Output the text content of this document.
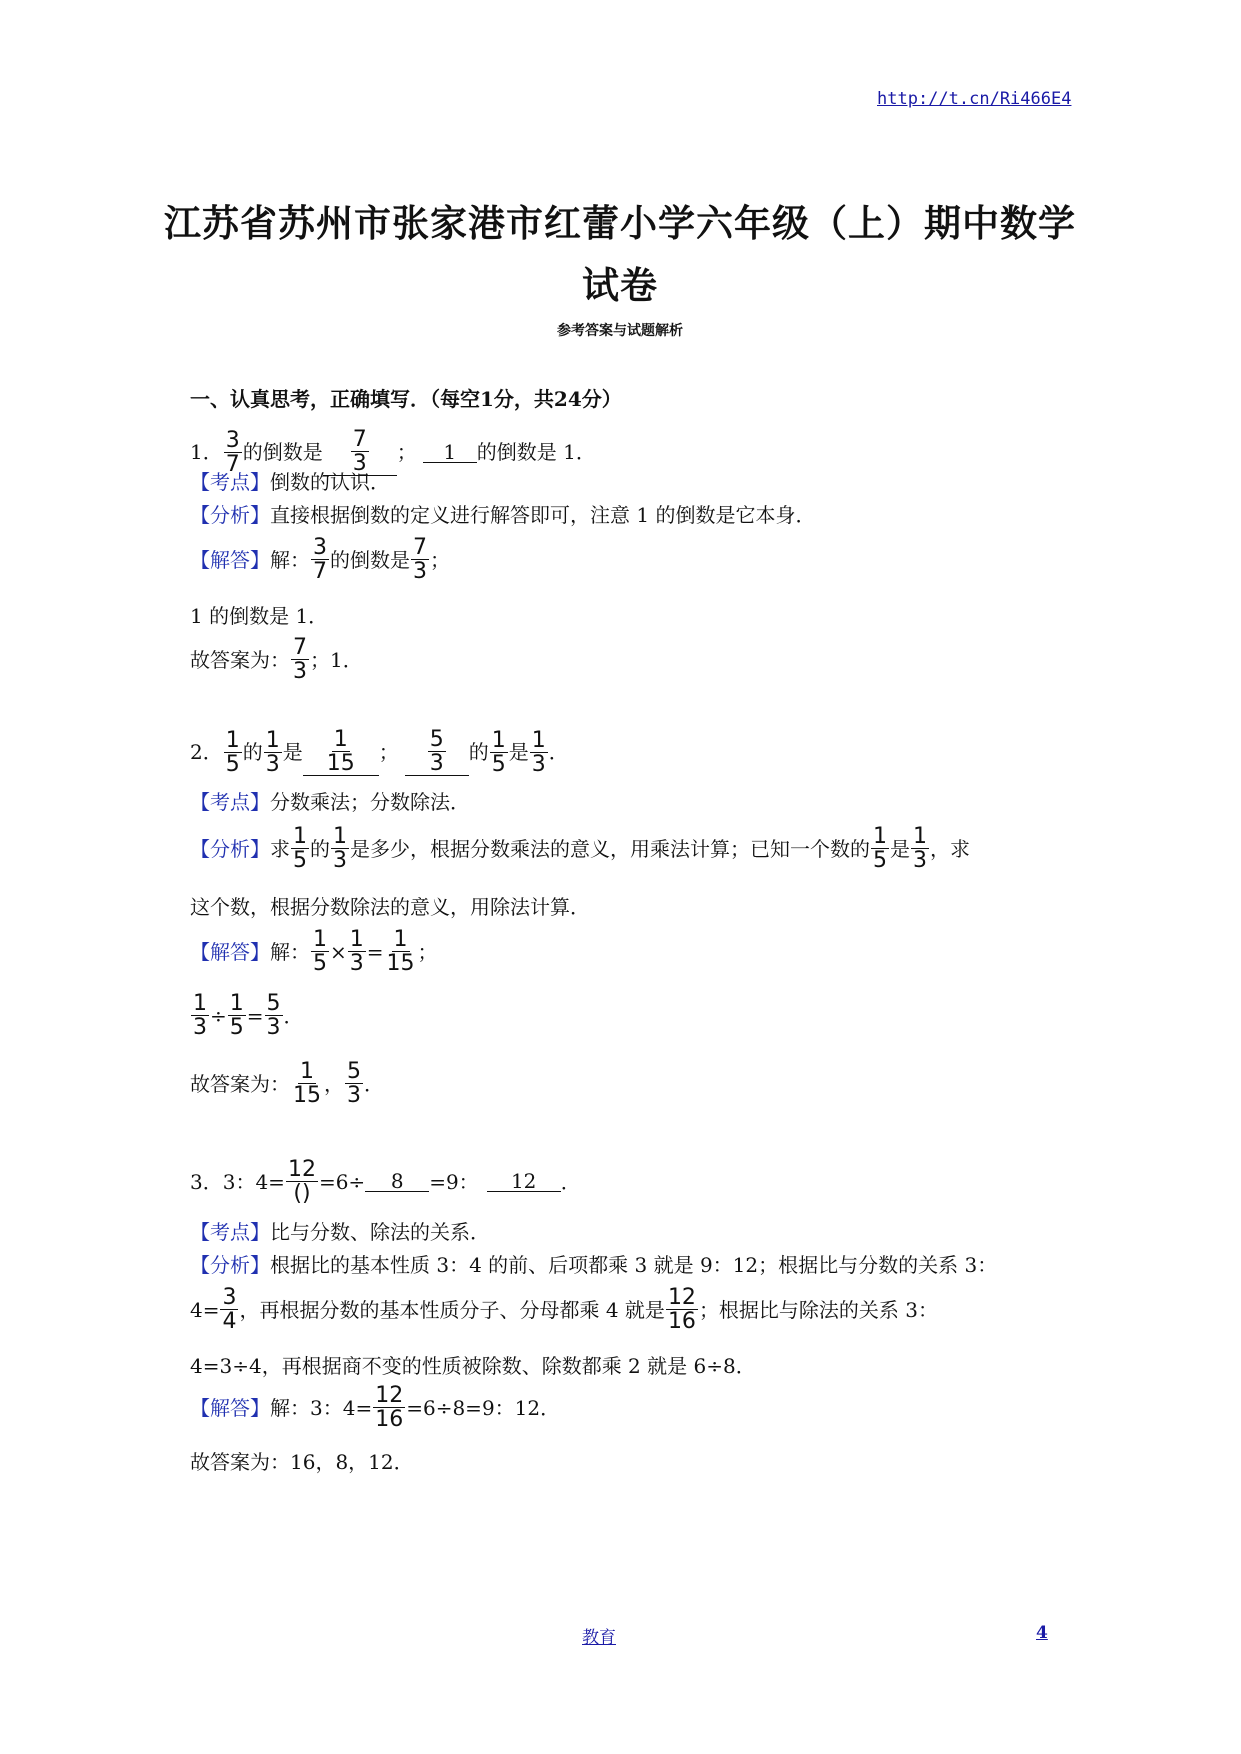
http://t.cn/Ri466E4
江苏省苏州市张家港市红蕾小学六年级（上）期中数学
试卷
参考答案与试题解析
一、认真思考，正确填写．（每空1分，共24分）
1． $\frac{3}{7}$ 的倒数是 $\frac{7}{3}$ ；	1	的倒数是 1．
【考点】 倒数的认识．
【分析】 直接根据倒数的定义进行解答即可，注意 1 的倒数是它本身．
【解答】 解： $\frac{3}{7}$ 的倒数是 $\frac{7}{3}$ ；
1 的倒数是 1．
故答案为： $\frac{7}{3}$ ；1．
2． $\frac{1}{5}$ 的 $\frac{1}{3}$ 是 $\frac{1}{15}$ ； $\frac{5}{3}$ 的 $\frac{1}{5}$ 是 $\frac{1}{3}$ ．
【考点】 分数乘法；分数除法．
【分析】 求 $\frac{1}{5}$ 的 $\frac{1}{3}$ 是多少，根据分数乘法的意义，用乘法计算；已知一个数的 $\frac{1}{5}$ 是 $\frac{1}{3}$ ，求
这个数，根据分数除法的意义，用除法计算．
【解答】 解： $\frac{1}{5} \times \frac{1}{3} = \frac{1}{15}$ ；
$\frac{1}{3} \div \frac{1}{5} = \frac{5}{3}$ ．
故答案为： $\frac{1}{15}$ ， $\frac{5}{3}$ ．
3． 3：$4= \frac{12}{()} =6\div$	8	=9：	12	．
【考点】 比与分数、除法的关系．
【分析】 根据比的基本性质 3：4 的前、后项都乘 3 就是 9：12；根据比与分数的关系 3：
$4= \frac{3}{4}$ ，再根据分数的基本性质分子、分母都乘 4 就是 $\frac{12}{16}$ ；根据比与除法的关系 3：
4=3÷4，再根据商不变的性质被除数、除数都乘 2 就是 6÷8．
【解答】 解：3：$4= \frac{12}{16} =6\div 8=9$：12．
故答案为：16，8，12．
教育	4
